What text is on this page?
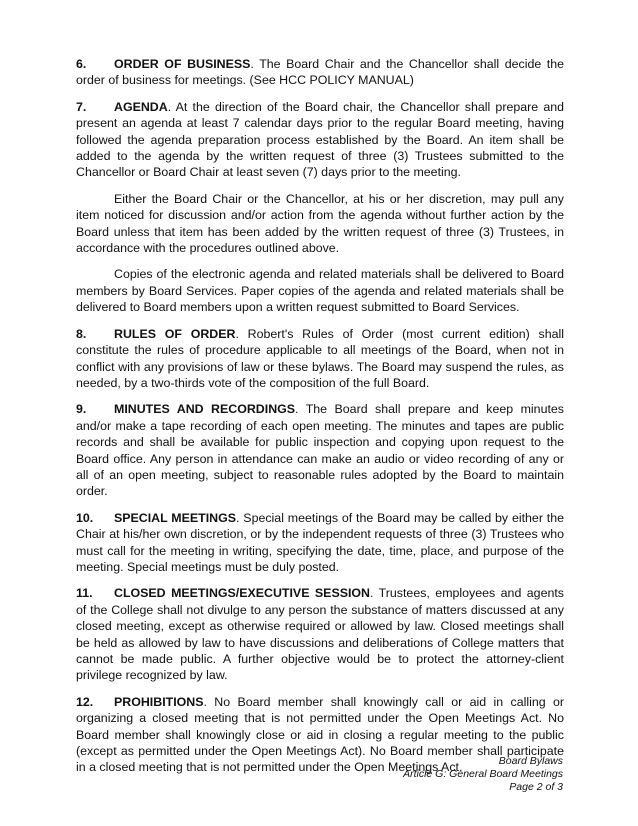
6. ORDER OF BUSINESS. The Board Chair and the Chancellor shall decide the order of business for meetings. (See HCC POLICY MANUAL)

7. AGENDA. At the direction of the Board chair, the Chancellor shall prepare and present an agenda at least 7 calendar days prior to the regular Board meeting, having followed the agenda preparation process established by the Board. An item shall be added to the agenda by the written request of three (3) Trustees submitted to the Chancellor or Board Chair at least seven (7) days prior to the meeting.

Either the Board Chair or the Chancellor, at his or her discretion, may pull any item noticed for discussion and/or action from the agenda without further action by the Board unless that item has been added by the written request of three (3) Trustees, in accordance with the procedures outlined above.

Copies of the electronic agenda and related materials shall be delivered to Board members by Board Services. Paper copies of the agenda and related materials shall be delivered to Board members upon a written request submitted to Board Services.

8. RULES OF ORDER. Robert's Rules of Order (most current edition) shall constitute the rules of procedure applicable to all meetings of the Board, when not in conflict with any provisions of law or these bylaws. The Board may suspend the rules, as needed, by a two-thirds vote of the composition of the full Board.

9. MINUTES AND RECORDINGS. The Board shall prepare and keep minutes and/or make a tape recording of each open meeting. The minutes and tapes are public records and shall be available for public inspection and copying upon request to the Board office. Any person in attendance can make an audio or video recording of any or all of an open meeting, subject to reasonable rules adopted by the Board to maintain order.

10. SPECIAL MEETINGS. Special meetings of the Board may be called by either the Chair at his/her own discretion, or by the independent requests of three (3) Trustees who must call for the meeting in writing, specifying the date, time, place, and purpose of the meeting. Special meetings must be duly posted.

11. CLOSED MEETINGS/EXECUTIVE SESSION. Trustees, employees and agents of the College shall not divulge to any person the substance of matters discussed at any closed meeting, except as otherwise required or allowed by law. Closed meetings shall be held as allowed by law to have discussions and deliberations of College matters that cannot be made public. A further objective would be to protect the attorney-client privilege recognized by law.

12. PROHIBITIONS. No Board member shall knowingly call or aid in calling or organizing a closed meeting that is not permitted under the Open Meetings Act. No Board member shall knowingly close or aid in closing a regular meeting to the public (except as permitted under the Open Meetings Act). No Board member shall participate in a closed meeting that is not permitted under the Open Meetings Act.	Board Bylaws
Article G: General Board Meetings
Page 2 of 3
